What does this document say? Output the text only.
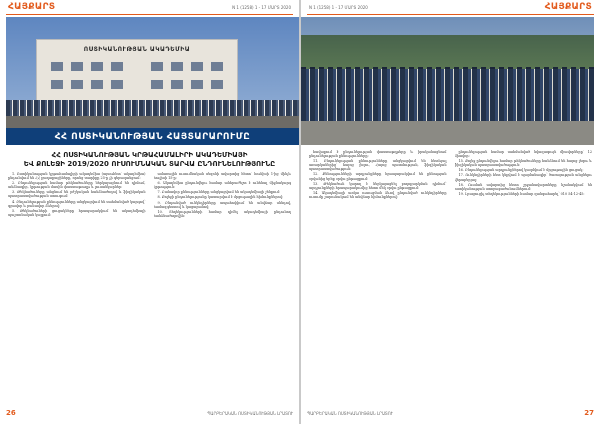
ՀԱՅՔԱՐՏ	N 1 (1258) 1 - 17 ՄԱՐՏ 2020
ՈՍՏԻԿԱՆՈՒԹՅԱՆ ԱԿԱԴԵՄԻԱ
ՀՀ ՈՍՏԻԿԱՆՈՒԹՅԱՆ ՀԱՅՏԱՐԱՐՈՒՄԸ
ՀՀ ՈՍՏԻԿԱՆՈՒԹՅԱՆ ԿՐԹԱՀԱՄԱԼԻՐԻ ԱԿԱԴԵՄԻԱՅԻ
ԵՎ ՔՈԼԵՋԻ 2019/2020 ՈՒՍՈՒՄՆԱԿԱՆ ՏԱՐՎԱ ԸՆԴՈՒՆԵԼՈՒԹՅՈՒՆԸ

1. Ոստիկանության կրթահամալիրի ակադեմիա (այսուհետ՝ ակադեմիա) ընդունվում են ՀՀ քաղաքացիները, որոնց տարիքը 25-ը չի գերազանցում:

2. Ընդունելության համար թեկնածուները ներկայացնում են դիմում, անձնագիր, կրթության մասին փաստաթուղթ և լուսանկարներ:

3. Թեկնածուները անցնում են բժշկական հանձնաժողով և ֆիզիկական պատրաստվածության ստուգում:

4. Ընդունելության քննությունները անցկացվում են սահմանված կարգով՝ գրավոր և բանավոր ձևերով:

5. Թեկնածուների ցուցակները հրապարակվում են ակադեմիայի պաշտոնական կայքում:

ամառային ուսումնական սեզոնի ավարտից հետո՝ հունիսի 1-ից մինչև հուլիսի 15-ը:

6. Ակադեմիա ընդունվելու համար անհրաժեշտ է ունենալ միջնակարգ կրթություն:

7. Բանավոր քննությունները անցկացվում են ակադեմիայի շենքում:

8. Քոլեջի ընդունելությունը կատարվում է մրցութային հիմունքներով:

9. Ընդունված ունկնդիրները ապահովվում են անվճար սննդով, համազգեստով և կացարանով:

10. Տեղեկությունների համար դիմել ակադեմիայի ընդունող հանձնաժողովին:

26	ՊԱՐԲԵՐԱԿԱՆ ՈՍՏԻԿԱՆՈՒԹՅԱՆ ԼՐԱՏՈՒ
N 1 (1258) 1 - 17 ՄԱՐՏ 2020	ՀԱՅՔԱՐՏ

հավաքում է ընդունելության փաստաթղթերը և իրականացնում ընդունելության քննությունները:

11. Ընդունելության քննությունները անցկացվում են հետևյալ առարկաներից՝ հայոց լեզու, Հայոց պատմություն, ֆիզիկական պատրաստվածություն:

12. Քննությունների արդյունքները հրապարակվում են քննության օրվանից երեք օրվա ընթացքում:

13. Թեկնածուն կարող է ներկայացնել բողոքարկման դիմում՝ արդյունքների հրապարակումից հետո մեկ օրվա ընթացքում:

14. Ակադեմիայի առկա ուսուցման ձևով ընդունված ունկնդիրները ուսումը շարունակում են անվճար հիմունքներով:

ընդունելության համար սահմանված նվազագույն միավորները՝ 12 միավոր:

15. Քոլեջ ընդունվելու համար թեկնածուները հանձնում են հայոց լեզու և ֆիզիկական պատրաստվածություն:

16. Ընդունելության արդյունքներով կազմվում է մրցութային ցուցակ:

17. Ունկնդիրների հետ կնքվում է պայմանագիր՝ ծառայության անցնելու վերաբերյալ:

18. Ուսման ավարտից հետո շրջանավարտները նշանակվում են ոստիկանության ստորաբաժանումներում:

19. Լրացուցիչ տեղեկությունների համար զանգահարել՝ 010 54-12-45:

ՊԱՐԲԵՐԱԿԱՆ ՈՍՏԻԿԱՆՈՒԹՅԱՆ ԼՐԱՏՈՒ	27
